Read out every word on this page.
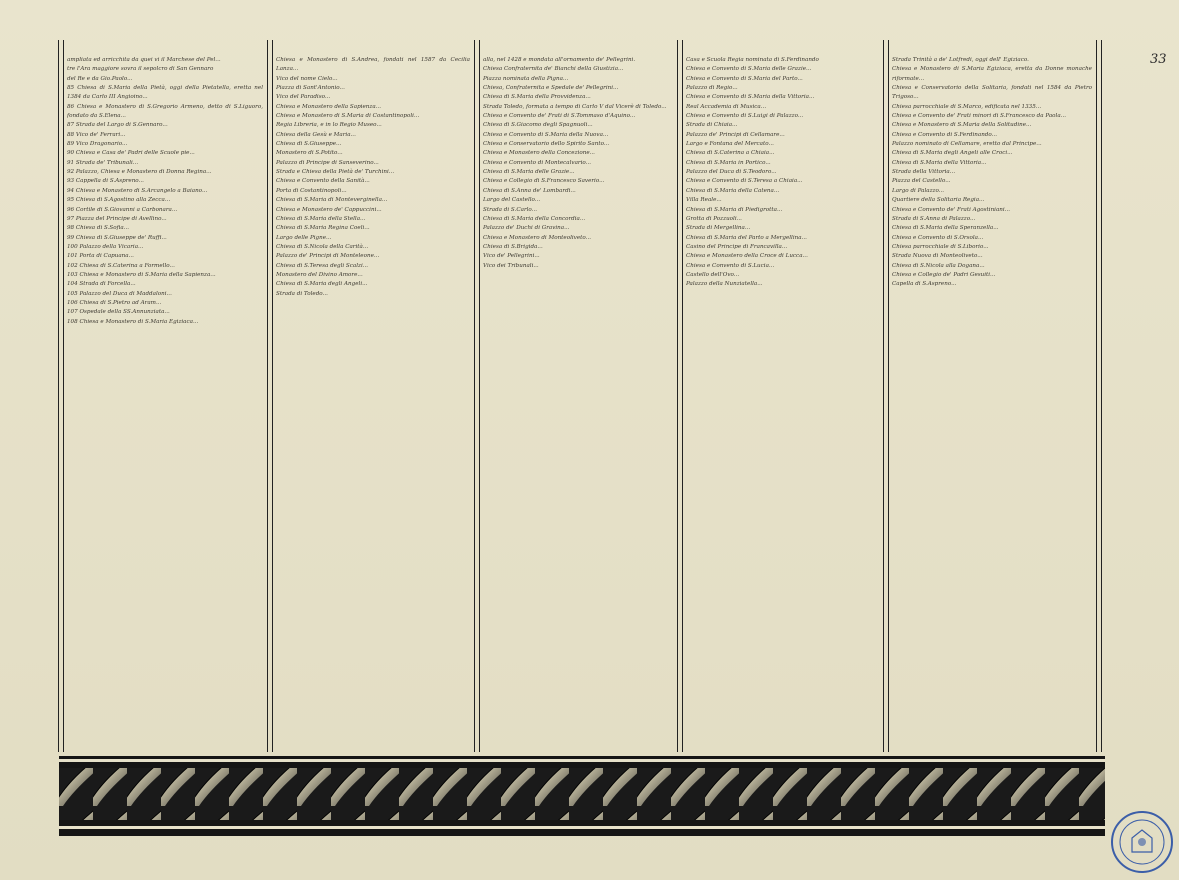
33

ampliata ed arricchita da quei vi il Marchese del Pel...
tre l'Ara maggiore sovra il sepolcro di San Gennaro
del Re e da Gio.Paolo...
85 Chiesa di S.Maria della Pietà, oggi della Pietatella, eretta nel 1384 da Carlo III Angioino...
86 Chiesa e Monastero di S.Gregorio Armeno, detto di S.Liguoro, fondato da S.Elena...
87 Strada del Largo di S.Gennaro...
88 Vico de' Ferrari...
89 Vico Dragonario...
90 Chiesa e Casa de' Padri delle Scuole pie...
91 Strada de' Tribunali...
92 Palazzo, Chiesa e Monastero di Donna Regina...
93 Cappella di S.Aspreno...
94 Chiesa e Monastero di S.Arcangelo a Baiano...
95 Chiesa di S.Agostino alla Zecca...
96 Cortile di S.Giovanni a Carbonara...
97 Piazza del Principe di Avellino...
98 Chiesa di S.Sofia...
99 Chiesa di S.Giuseppe de' Ruffi...
100 Palazzo della Vicaria...
101 Porta di Capuana...
102 Chiesa di S.Caterina a Formello...
103 Chiesa e Monastero di S.Maria della Sapienza...
104 Strada di Forcella...
105 Palazzo del Duca di Maddaloni...
106 Chiesa di S.Pietro ad Aram...
107 Ospedale della SS.Annunziata...
108 Chiesa e Monastero di S.Maria Egiziaca...

Chiesa e Monastero di S.Andrea, fondati nel 1587 da Cecilia Lanza...
Vico del nome Cielo...
Piazza di Sant'Antonio...
Vico del Paradiso...
Chiesa e Monastero della Sapienza...
Chiesa e Monastero di S.Maria di Costantinopoli...
Regia Libreria, e in lo Regio Museo...
Chiesa della Gesù e Maria...
Chiesa di S.Giuseppe...
Monastero di S.Potito...
Palazzo di Principe di Sanseverino...
Strada e Chiesa della Pietà de' Turchini...
Chiesa e Convento della Sanità...
Porta di Costantinopoli...
Chiesa di S.Maria di Monteverginella...
Chiesa e Monastero de' Cappuccini...
Chiesa di S.Maria della Stella...
Chiesa di S.Maria Regina Coeli...
Largo delle Pigne...
Chiesa di S.Nicola della Carità...
Palazzo de' Principi di Monteleone...
Chiesa di S.Teresa degli Scalzi...
Monastero del Divino Amore...
Chiesa di S.Maria degli Angeli...
Strada di Toledo...

alla, nel 1428 e mondata all'ornamento de' Pellegrini.
Chiesa Confraternita de' Bianchi della Giustizia...
Piazza nominata della Pigna...
Chiesa, Confraternita e Spedale de' Pellegrini...
Chiesa di S.Maria della Provvidenza...
Strada Toledo, formata a tempo di Carlo V dal Vicerè di Toledo...
Chiesa e Convento de' Frati di S.Tommaso d'Aquino...
Chiesa di S.Giacomo degli Spagnuoli...
Chiesa e Convento di S.Maria della Nuova...
Chiesa e Conservatorio dello Spirito Santo...
Chiesa e Monastero della Concezione...
Chiesa e Convento di Montecalvario...
Chiesa di S.Maria delle Grazie...
Chiesa e Collegio di S.Francesco Saverio...
Chiesa di S.Anna de' Lombardi...
Largo del Castello...
Strada di S.Carlo...
Chiesa di S.Maria della Concordia...
Palazzo de' Duchi di Gravina...
Chiesa e Monastero di Monteoliveto...
Chiesa di S.Brigida...
Vico de' Pellegrini...
Vico dei Tribunali...

Casa e Scuola Regia nominata di S.Ferdinando
Chiesa e Convento di S.Maria delle Grazie...
Chiesa e Convento di S.Maria del Parto...
Palazzo di Regio...
Chiesa e Convento di S.Maria della Vittoria...
Real Accademia di Musica...
Chiesa e Convento di S.Luigi di Palazzo...
Strada di Chiaia...
Palazzo de' Principi di Cellamare...
Largo e Fontana del Mercato...
Chiesa di S.Caterina a Chiaia...
Chiesa di S.Maria in Portico...
Palazzo del Duca di S.Teodoro...
Chiesa e Convento di S.Teresa a Chiaia...
Chiesa di S.Maria della Catena...
Villa Reale...
Chiesa di S.Maria di Piedigrotta...
Grotta di Pozzuoli...
Strada di Mergellina...
Chiesa di S.Maria del Parto a Mergellina...
Casino del Principe di Francavilla...
Chiesa e Monastero della Croce di Lucca...
Chiesa e Convento di S.Lucia...
Castello dell'Ovo...
Palazzo della Nunziatella...

Strada Trinità a de' Lotfredi, oggi dell' Egiziaco.
Chiesa e Monastero di S.Maria Egiziaca, eretta da Donne monache riformate...
Chiesa e Conservatorio della Solitaria, fondati nel 1584 da Pietro Trigoso...
Chiesa parrocchiale di S.Marco, edificata nel 1335...
Chiesa e Convento de' Frati minori di S.Francesco da Paola...
Chiesa e Monastero di S.Maria della Solitudine...
Chiesa e Convento di S.Ferdinando...
Palazzo nominato di Cellamare, eretto dal Principe...
Chiesa di S.Maria degli Angeli alle Croci...
Chiesa di S.Maria della Vittoria...
Strada della Vittoria...
Piazza del Castello...
Largo di Palazzo...
Quartiere della Solitaria Regia...
Chiesa e Convento de' Frati Agostiniani...
Strada di S.Anna di Palazzo...
Chiesa di S.Maria della Speranzella...
Chiesa e Convento di S.Orsola...
Chiesa parrocchiale di S.Liborio...
Strada Nuova di Monteoliveto...
Chiesa di S.Nicola alla Dogana...
Chiesa e Collegio de' Padri Gesuiti...
Capella di S.Aspreno...
